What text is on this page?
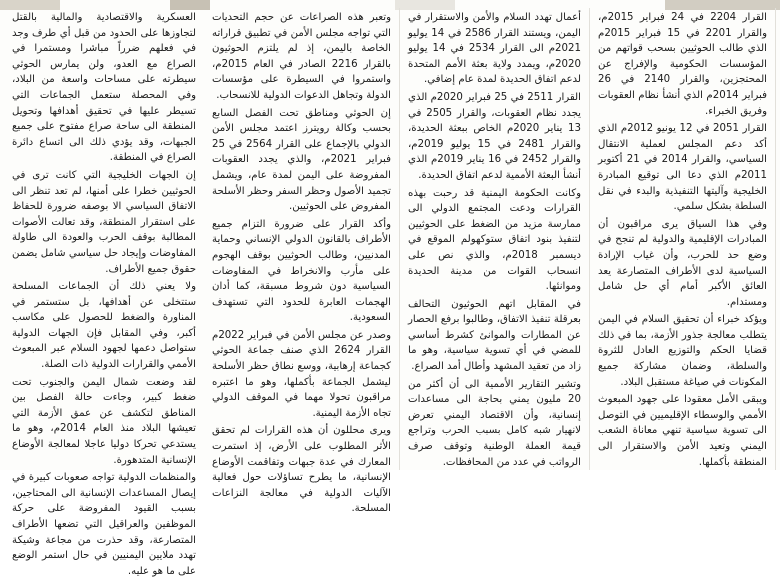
العسكرية والاقتصادية والمالية بالقتل لتجاوزها على الحدود من قبل أي طرف وجد في فعلهم ضرراً مباشرا ومستمرا في الصراع مع العدو، ولن يمارس الحوثي سيطرته على مساحات واسعة من البلاد، وفي المحصلة ستعمل الجماعات التي تسيطر عليها في تحقيق أهدافها وتحويل المنطقة الى ساحة صراع مفتوح على جميع الجبهات، وقد يؤدي ذلك الى اتساع دائرة الصراع في المنطقة.

إن الجهات الخليجية التي كانت ترى في الحوثيين خطرا على أمنها، لم تعد تنظر الى الاتفاق السياسي الا بوصفه ضرورة للحفاظ على استقرار المنطقة، وقد تعالت الأصوات المطالبة بوقف الحرب والعودة الى طاولة المفاوضات وإيجاد حل سياسي شامل يضمن حقوق جميع الأطراف.

ولا يعني ذلك أن الجماعات المسلحة ستتخلى عن أهدافها، بل ستستمر في المناورة والضغط للحصول على مكاسب أكبر، وفي المقابل فإن الجهات الدولية ستواصل دعمها لجهود السلام عبر المبعوث الأممي والقرارات الدولية ذات الصلة.

لقد وضعت شمال اليمن والجنوب تحت ضغط كبير، وجاءت حالة الفصل بين المناطق لتكشف عن عمق الأزمة التي تعيشها البلاد منذ العام 2014م، وهو ما يستدعي تحركا دوليا عاجلا لمعالجة الأوضاع الإنسانية المتدهورة.

والمنظمات الدولية تواجه صعوبات كبيرة في إيصال المساعدات الإنسانية الى المحتاجين، بسبب القيود المفروضة على حركة الموظفين والعراقيل التي تضعها الأطراف المتصارعة، وقد حذرت من مجاعة وشيكة تهدد ملايين اليمنيين في حال استمر الوضع على ما هو عليه.

وتعبر هذه الصراعات عن حجم التحديات التي تواجه مجلس الأمن في تطبيق قراراته الخاصة باليمن، إذ لم يلتزم الحوثيون بالقرار 2216 الصادر في العام 2015م، واستمروا في السيطرة على مؤسسات الدولة وتجاهل الدعوات الدولية للانسحاب.

إن الحوثي ومناطق تحت الفصل السابع بحسب وكالة رويترز اعتمد مجلس الأمن الدولي بالإجماع على القرار 2564 في 25 فبراير 2021م، والذي يجدد العقوبات المفروضة على اليمن لمدة عام، ويشمل تجميد الأصول وحظر السفر وحظر الأسلحة المفروض على الحوثيين.

وأكد القرار على ضرورة التزام جميع الأطراف بالقانون الدولي الإنساني وحماية المدنيين، وطالب الحوثيين بوقف الهجوم على مأرب والانخراط في المفاوضات السياسية دون شروط مسبقة، كما أدان الهجمات العابرة للحدود التي تستهدف السعودية.

وصدر عن مجلس الأمن في فبراير 2022م القرار 2624 الذي صنف جماعة الحوثي كجماعة إرهابية، ووسع نطاق حظر الأسلحة ليشمل الجماعة بأكملها، وهو ما اعتبره مراقبون تحولا مهما في الموقف الدولي تجاه الأزمة اليمنية.

ويرى محللون أن هذه القرارات لم تحقق الأثر المطلوب على الأرض، إذ استمرت المعارك في عدة جبهات وتفاقمت الأوضاع الإنسانية، ما يطرح تساؤلات حول فعالية الآليات الدولية في معالجة النزاعات المسلحة.

أعمال تهدد السلام والأمن والاستقرار في اليمن، ويستند القرار 2586 في 14 يوليو 2021م الى القرار 2534 في 14 يوليو 2020م، ويمدد ولاية بعثة الأمم المتحدة لدعم اتفاق الحديدة لمدة عام إضافي.

القرار 2511 في 25 فبراير 2020م الذي يجدد نظام العقوبات، والقرار 2505 في 13 يناير 2020م الخاص ببعثة الحديدة، والقرار 2481 في 15 يوليو 2019م، والقرار 2452 في 16 يناير 2019م الذي أنشأ البعثة الأممية لدعم اتفاق الحديدة.

وكانت الحكومة اليمنية قد رحبت بهذه القرارات ودعت المجتمع الدولي الى ممارسة مزيد من الضغط على الحوثيين لتنفيذ بنود اتفاق ستوكهولم الموقع في ديسمبر 2018م، والذي نص على انسحاب القوات من مدينة الحديدة وموانئها.

في المقابل اتهم الحوثيون التحالف بعرقلة تنفيذ الاتفاق، وطالبوا برفع الحصار عن المطارات والموانئ كشرط أساسي للمضي في أي تسوية سياسية، وهو ما زاد من تعقيد المشهد وأطال أمد الصراع.

وتشير التقارير الأممية الى أن أكثر من 20 مليون يمني بحاجة الى مساعدات إنسانية، وأن الاقتصاد اليمني تعرض لانهيار شبه كامل بسبب الحرب وتراجع قيمة العملة الوطنية وتوقف صرف الرواتب في عدد من المحافظات.

القرار 2204 في 24 فبراير 2015م، والقرار 2201 في 15 فبراير 2015م الذي طالب الحوثيين بسحب قواتهم من المؤسسات الحكومية والإفراج عن المحتجزين، والقرار 2140 في 26 فبراير 2014م الذي أنشأ نظام العقوبات وفريق الخبراء.

القرار 2051 في 12 يونيو 2012م الذي أكد دعم المجلس لعملية الانتقال السياسي، والقرار 2014 في 21 أكتوبر 2011م الذي دعا الى توقيع المبادرة الخليجية وآليتها التنفيذية والبدء في نقل السلطة بشكل سلمي.

وفي هذا السياق يرى مراقبون أن المبادرات الإقليمية والدولية لم تنجح في وضع حد للحرب، وأن غياب الإرادة السياسية لدى الأطراف المتصارعة يعد العائق الأكبر أمام أي حل شامل ومستدام.

ويؤكد خبراء أن تحقيق السلام في اليمن يتطلب معالجة جذور الأزمة، بما في ذلك قضايا الحكم والتوزيع العادل للثروة والسلطة، وضمان مشاركة جميع المكونات في صياغة مستقبل البلاد.

ويبقى الأمل معقودا على جهود المبعوث الأممي والوسطاء الإقليميين في التوصل الى تسوية سياسية تنهي معاناة الشعب اليمني وتعيد الأمن والاستقرار الى المنطقة بأكملها.
